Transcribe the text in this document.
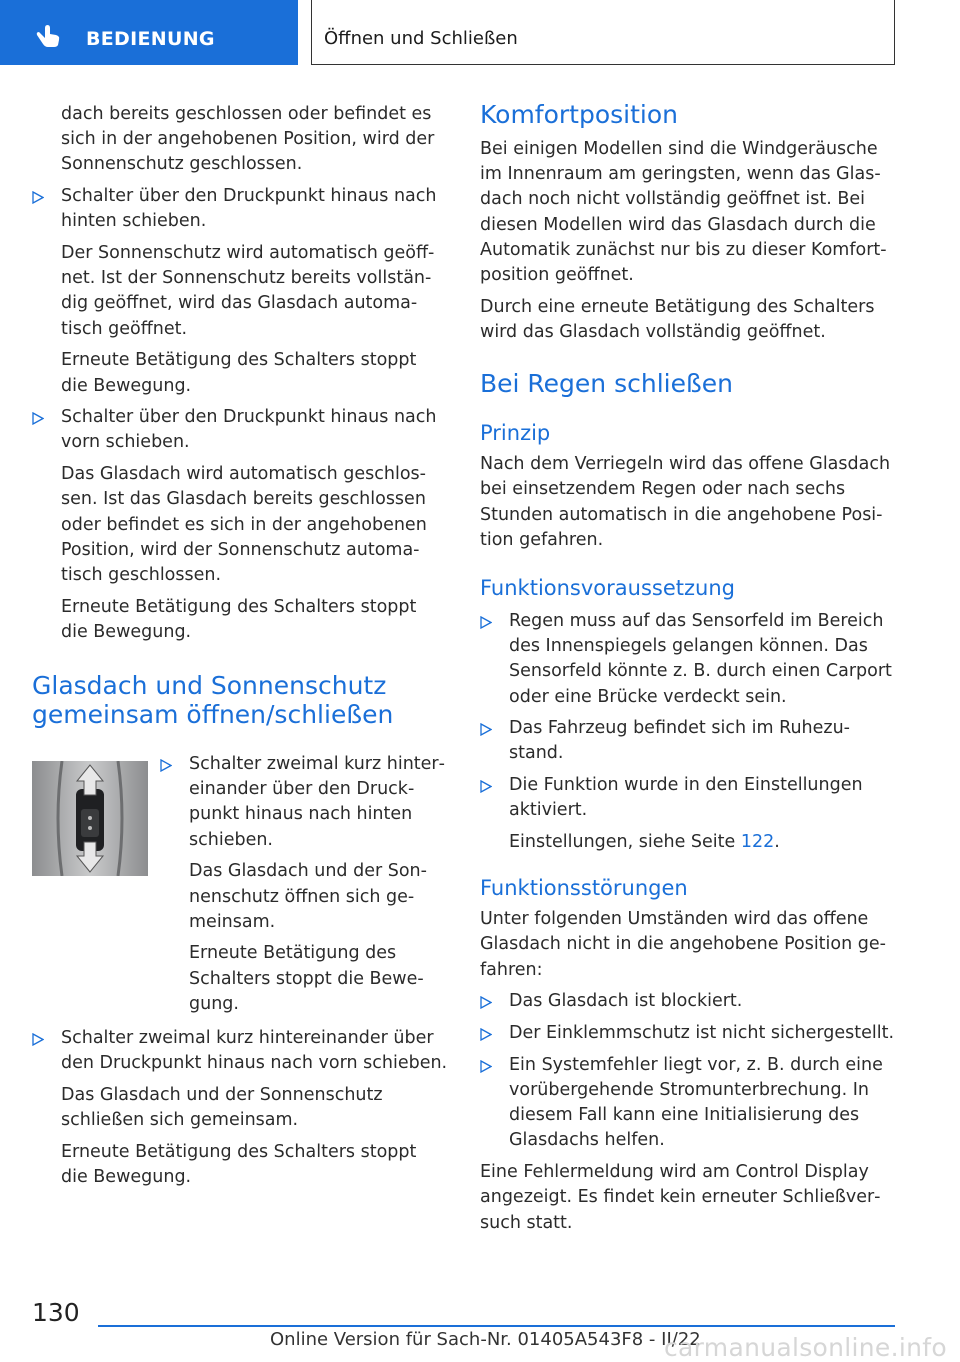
BEDIENUNG	Öffnen und Schließen

dach bereits geschlossen oder befindet es
sich in der angehobenen Position, wird der
Sonnenschutz geschlossen.

Schalter über den Druckpunkt hinaus nach
hinten schieben.

Der Sonnenschutz wird automatisch geöff‐
net. Ist der Sonnenschutz bereits vollstän‐
dig geöffnet, wird das Glasdach automa‐
tisch geöffnet.

Erneute Betätigung des Schalters stoppt
die Bewegung.

Schalter über den Druckpunkt hinaus nach
vorn schieben.

Das Glasdach wird automatisch geschlos‐
sen. Ist das Glasdach bereits geschlossen
oder befindet es sich in der angehobenen
Position, wird der Sonnenschutz automa‐
tisch geschlossen.

Erneute Betätigung des Schalters stoppt
die Bewegung.

Glasdach und Sonnenschutz
gemeinsam öffnen/schließen

Schalter zweimal kurz hinter‐
einander über den Druck‐
punkt hinaus nach hinten
schieben.

Das Glasdach und der Son‐
nenschutz öffnen sich ge‐
meinsam.

Erneute Betätigung des
Schalters stoppt die Bewe‐
gung.

Schalter zweimal kurz hintereinander über
den Druckpunkt hinaus nach vorn schieben.

Das Glasdach und der Sonnenschutz
schließen sich gemeinsam.

Erneute Betätigung des Schalters stoppt
die Bewegung.

Komfortposition

Bei einigen Modellen sind die Windgeräusche
im Innenraum am geringsten, wenn das Glas‐
dach noch nicht vollständig geöffnet ist. Bei
diesen Modellen wird das Glasdach durch die
Automatik zunächst nur bis zu dieser Komfort‐
position geöffnet.

Durch eine erneute Betätigung des Schalters
wird das Glasdach vollständig geöffnet.

Bei Regen schließen
Prinzip

Nach dem Verriegeln wird das offene Glasdach
bei einsetzendem Regen oder nach sechs
Stunden automatisch in die angehobene Posi‐
tion gefahren.

Funktionsvoraussetzung

Regen muss auf das Sensorfeld im Bereich
des Innenspiegels gelangen können. Das
Sensorfeld könnte z. B. durch einen Carport
oder eine Brücke verdeckt sein.

Das Fahrzeug befindet sich im Ruhezu‐
stand.

Die Funktion wurde in den Einstellungen
aktiviert.

Einstellungen, siehe Seite 122.

Funktionsstörungen

Unter folgenden Umständen wird das offene
Glasdach nicht in die angehobene Position ge‐
fahren:

Das Glasdach ist blockiert.

Der Einklemmschutz ist nicht sichergestellt.

Ein Systemfehler liegt vor, z. B. durch eine
vorübergehende Stromunterbrechung. In
diesem Fall kann eine Initialisierung des
Glasdachs helfen.

Eine Fehlermeldung wird am Control Display
angezeigt. Es findet kein erneuter Schließver‐
such statt.

130
Online Version für Sach-Nr. 01405A543F8 - II/22
carmanualsonline.info
